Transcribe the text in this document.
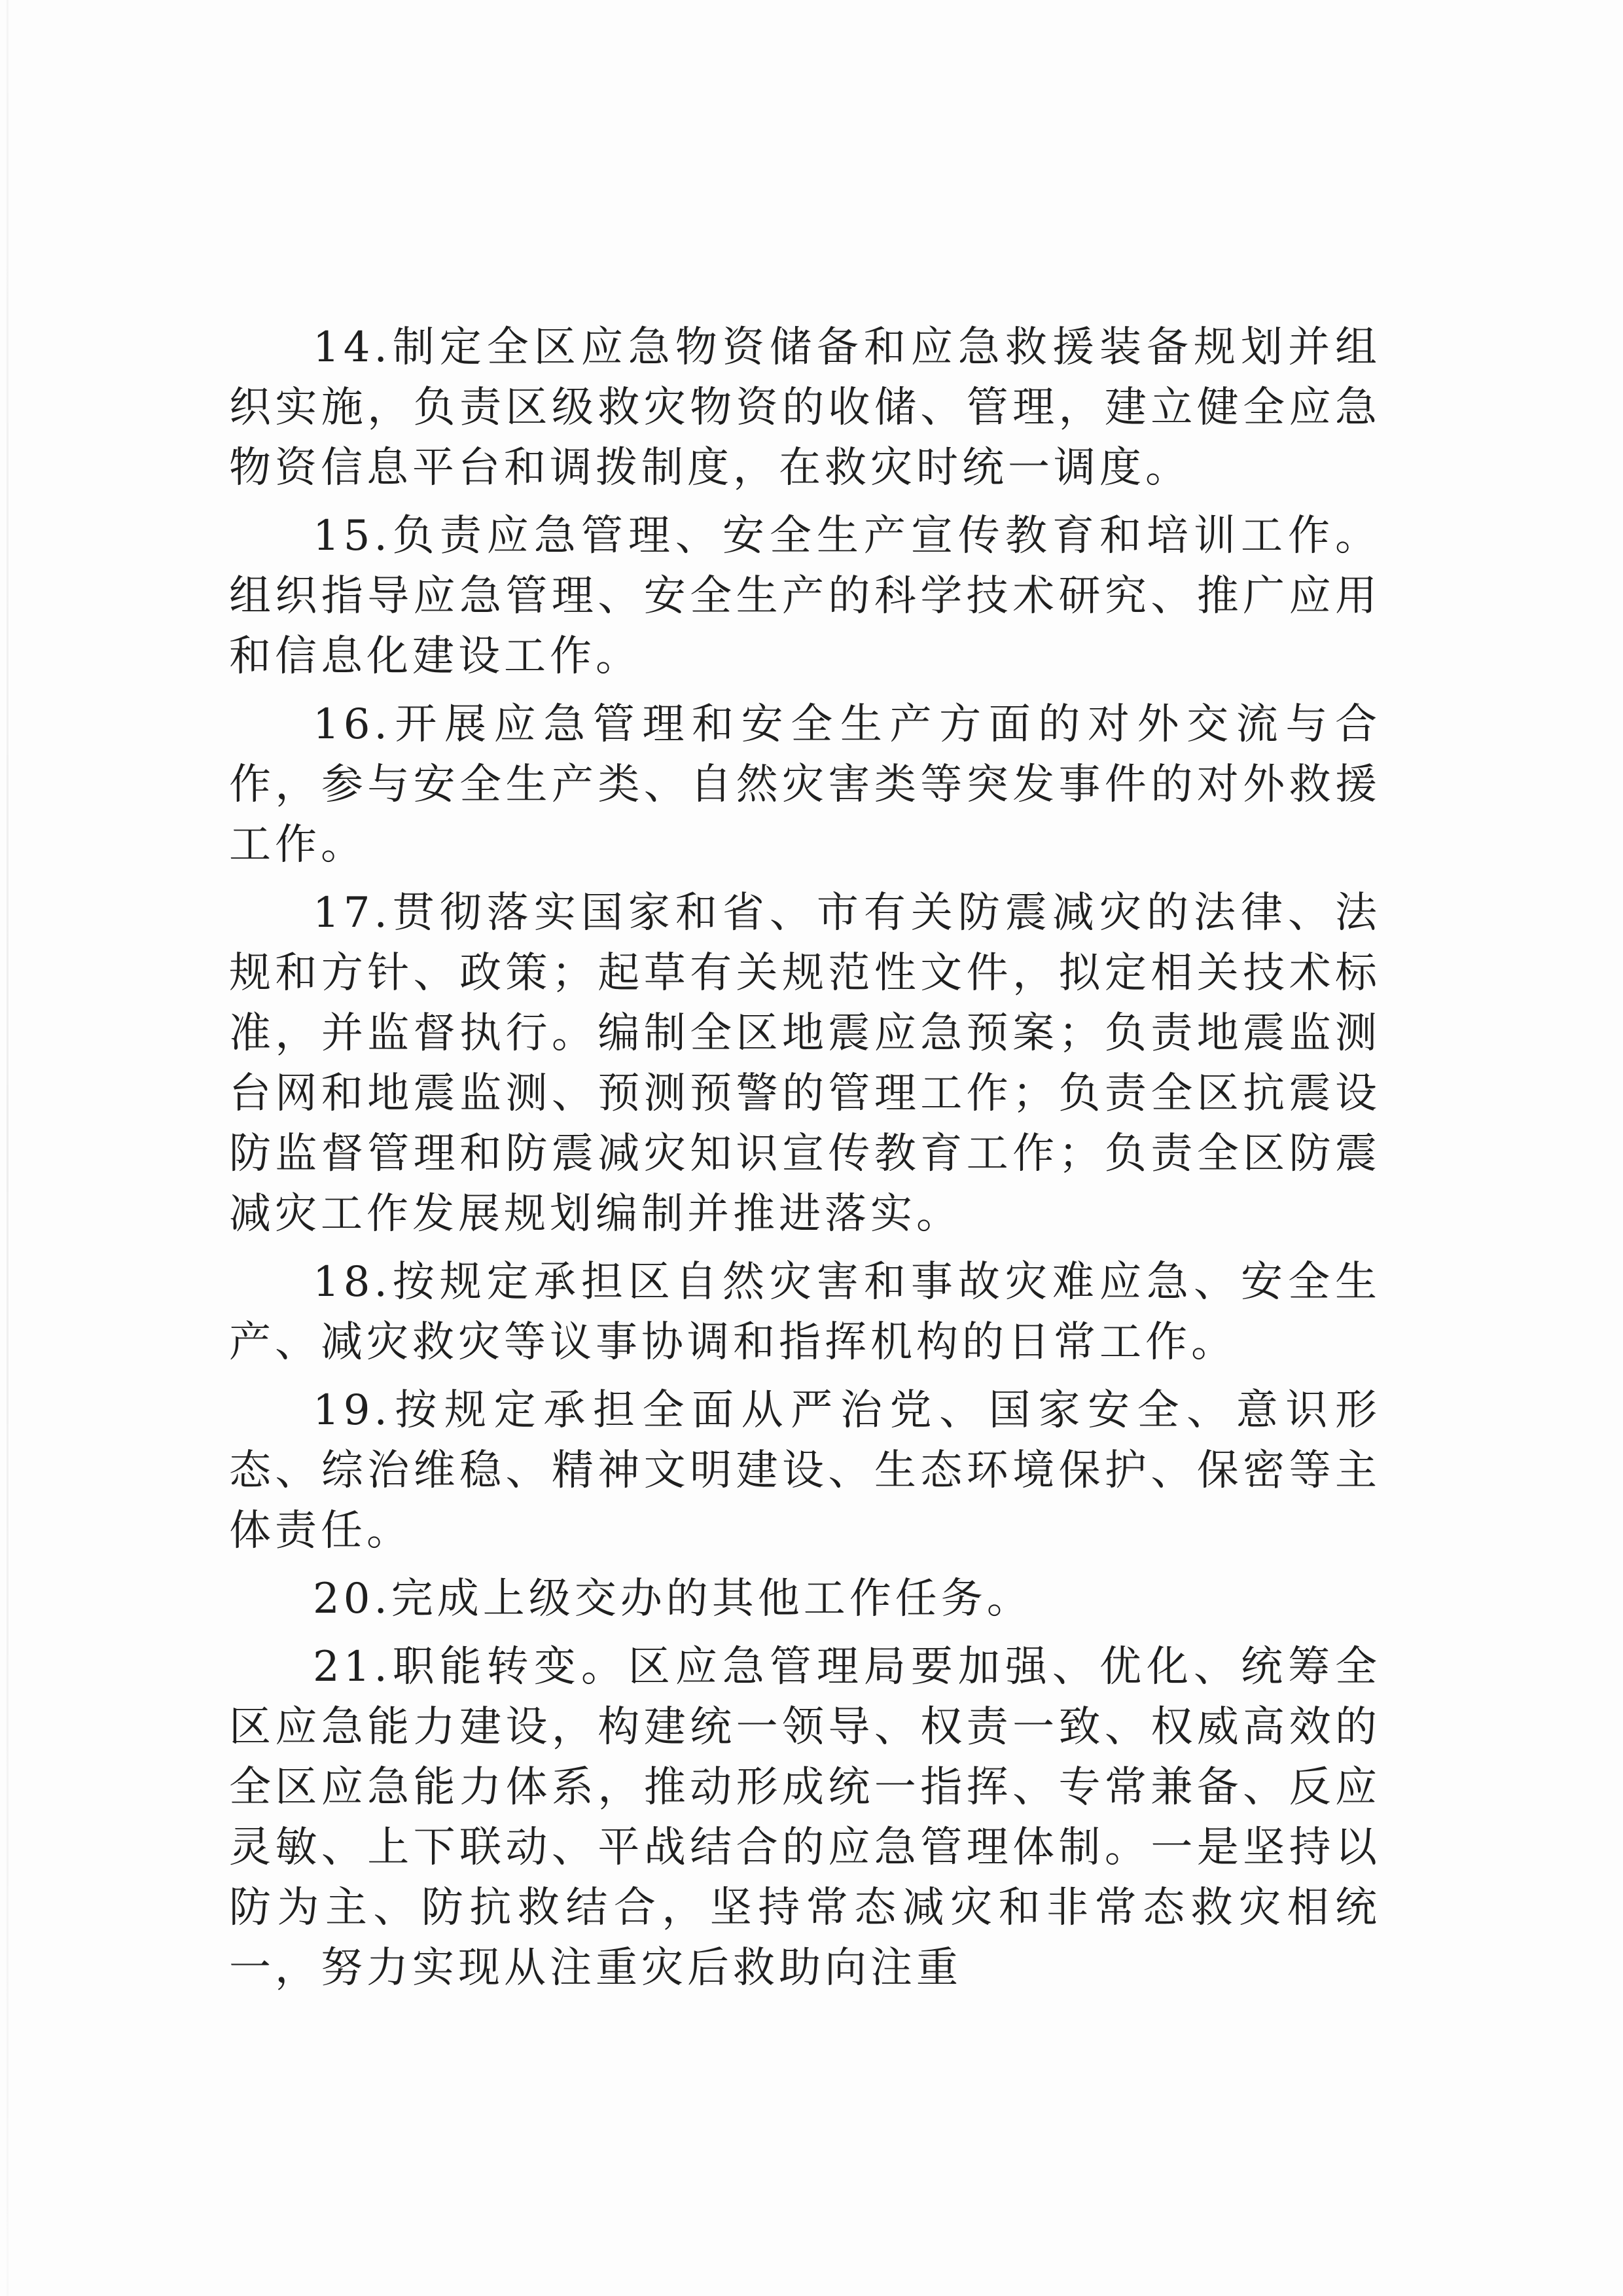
14.制定全区应急物资储备和应急救援装备规划并组织实施，负责区级救灾物资的收储、管理，建立健全应急物资信息平台和调拨制度，在救灾时统一调度。

15.负责应急管理、安全生产宣传教育和培训工作。组织指导应急管理、安全生产的科学技术研究、推广应用和信息化建设工作。

16.开展应急管理和安全生产方面的对外交流与合作，参与安全生产类、自然灾害类等突发事件的对外救援工作。

17.贯彻落实国家和省、市有关防震减灾的法律、法规和方针、政策；起草有关规范性文件，拟定相关技术标准，并监督执行。编制全区地震应急预案；负责地震监测台网和地震监测、预测预警的管理工作；负责全区抗震设防监督管理和防震减灾知识宣传教育工作；负责全区防震减灾工作发展规划编制并推进落实。

18.按规定承担区自然灾害和事故灾难应急、安全生产、减灾救灾等议事协调和指挥机构的日常工作。

19.按规定承担全面从严治党、国家安全、意识形态、综治维稳、精神文明建设、生态环境保护、保密等主体责任。

20.完成上级交办的其他工作任务。

21.职能转变。区应急管理局要加强、优化、统筹全区应急能力建设，构建统一领导、权责一致、权威高效的全区应急能力体系，推动形成统一指挥、专常兼备、反应灵敏、上下联动、平战结合的应急管理体制。一是坚持以防为主、防抗救结合，坚持常态减灾和非常态救灾相统一，努力实现从注重灾后救助向注重
